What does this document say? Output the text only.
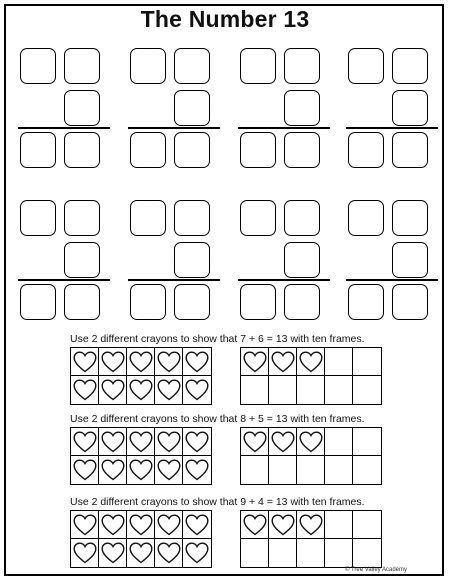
The Number 13
Use 2 different crayons to show that 7 + 6 = 13 with ten frames.
Use 2 different crayons to show that 8 + 5 = 13 with ten frames.
Use 2 different crayons to show that 9 + 4 = 13 with ten frames.
© Tree Valley Academy
